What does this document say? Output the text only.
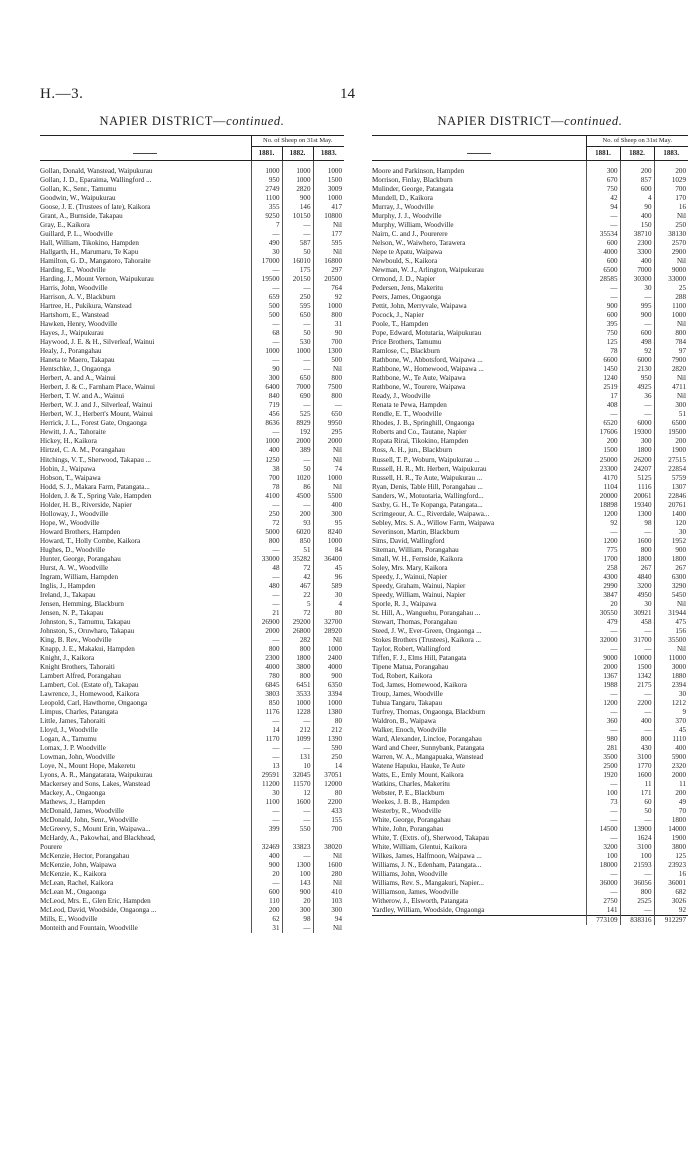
H.—3.	14
NAPIER DISTRICT—continued.
	No. of Sheep on 31st May.		
	1881.	1882.	1883.

Gollan, Donald, Wanstead, Waipukurau	1000	1000	1000
Gollan, J. D., Eparaima, Wallingford ...	950	1000	1500
Gollan, K., Senr., Tamumu	2749	2820	3009
Goodwin, W., Waipukurau	1100	900	1000
Goose, J. E. (Trustees of late), Kaikora	355	146	417
Grant, A., Burnside, Takapau	9250	10150	10800
Gray, E., Kaikora	7	—	Nil
Guillard, P. L., Woodville	—	—	177
Hall, William, Tikokino, Hampden	490	587	595
Hallgarth, H., Marumaru, Te Kapu	30	50	Nil
Hamilton, G. D., Mangatoro, Tahoraite	17000	16010	16800
Harding, E., Woodville	—	175	297
Harding, J., Mount Vernon, Waipukurau	19500	20150	20500
Harris, John, Woodville	—	—	764
Harrison, A. V., Blackburn	659	250	92
Hartree, H., Pukikura, Wanstead	500	595	1000
Hartshorn, E., Wanstead	500	650	800
Hawken, Henry, Woodville	—	—	31
Hayes, J., Waipukurau	68	50	90
Haywood, J. E. & H., Silverleaf, Wainui	—	530	700
Healy, J., Porangahau	1000	1000	1300
Haneta te Maero, Takapau	—	—	500
Hentschke, J., Ongaonga	90	—	Nil
Herbert, A. and A., Wainui	300	650	800
Herbert, J. & C., Farnham Place, Wainui	6400	7000	7500
Herbert, T. W. and A., Wainui	840	690	800
Herbert, W. J. and J., Silverleaf, Wainui	719	—	—
Herbert, W. J., Herbert's Mount, Wainui	456	525	650
Herrick, J. L., Forest Gate, Ongaonga	8636	8929	9950
Hewitt, J. A., Tahoraite	—	192	295
Hickey, H., Kaikora	1000	2000	2000
Hirtzel, C. A. M., Porangahau	400	389	Nil
Hitchings, V. T., Sherwood, Takapau ...	1250	—	Nil
Hobin, J., Waipawa	38	50	74
Hobson, T., Waipawa	700	1020	1000
Hodd, S. J., Makara Farm, Patangata...	78	86	Nil
Holden, J. & T., Spring Vale, Hampden	4100	4500	5500
Holder, H. B., Riverside, Napier	—	—	400
Holloway, J., Woodville	250	200	300
Hope, W., Woodville	72	93	95
Howard Brothers, Hampden	5000	6020	8240
Howard, T., Holly Combe, Kaikora	800	850	1000
Hughes, D., Woodville	—	51	84
Hunter, George, Porangahau	33000	35282	36400
Hurst, A. W., Woodville	48	72	45
Ingram, William, Hampden	—	42	96
Inglis, J., Hampden	480	467	589
Ireland, J., Takapau	—	22	30
Jensen, Hemming, Blackburn	—	5	4
Jensen, N. P., Takapau	21	72	80
Johnston, S., Tamumu, Takapau	26900	29200	32700
Johnston, S., Oruwharo, Takapau	2000	26800	28920
King, B. Rev., Woodville	—	282	Nil
Knapp, J. E., Makakui, Hampden	800	800	1000
Knight, J., Kaikora	2300	1800	2400
Knight Brothers, Tahoraiti	4000	3800	4000
Lambert Alfred, Porangahau	780	800	900
Lambert, Col. (Estate of), Takapau	6845	6451	6350
Lawrence, J., Homewood, Kaikora	3803	3533	3394
Leopold, Carl, Hawthorne, Ongaonga	850	1000	1000
Limpus, Charles, Patangata	1176	1228	1380
Little, James, Tahoraiti	—	—	80
Lloyd, J., Woodville	14	212	212
Logan, A., Tamumu	1170	1099	1390
Lomax, J. P. Woodville	—	—	590
Lowman, John, Woodville	—	131	250
Loye, N., Mount Hope, Makeretu	13	10	14
Lyons, A. R., Mangatarata, Waipukurau	29591	32045	37051
Mackersey and Sons, Lakes, Wanstead	11200	11570	12000
Mackey, A., Ongaonga	30	12	80
Mathews, J., Hampden	1100	1600	2200
McDonald, James, Woodville	—	—	433
McDonald, John, Senr., Woodville	—	—	155
McGreevy, S., Mount Erin, Waipawa...	399	550	700
McHardy, A., Pakowhai, and Blackhead,			
Pourere	32469	33823	38020
McKenzie, Hector, Porangahau	400	—	Nil
McKenzie, John, Waipawa	900	1300	1600
McKenzie, K., Kaikora	20	100	280
McLean, Rachel, Kaikora	—	143	Nil
McLean M., Ongaonga	600	900	410
McLeod, Mrs. E., Glen Eric, Hampden	110	20	103
McLeod, David, Woodside, Ongaonga ...	200	300	300
Mills, E., Woodville	62	98	94
Monteith and Fountain, Woodville	31	—	Nil
NAPIER DISTRICT—continued.
	No. of Sheep on 31st May.		
	1881.	1882.	1883.

Moore and Parkinson, Hampden	300	200	200
Morrison, Finlay, Blackburn	670	857	1029
Mulinder, George, Patangata	750	600	700
Mundell, D., Kaikora	42	4	170
Murray, J., Woodville	94	90	16
Murphy, J. J., Woodville	—	400	Nil
Murphy, William, Woodville	—	150	250
Nairn, C. and J., Pourerere	35534	38710	38130
Nelson, W., Waiwhero, Tarawera	600	2300	2570
Nepe te Apatu, Waipawa	4000	3300	2900
Newbould, S., Kaikora	600	400	Nil
Newman, W. J., Arlington, Waipukurau	6500	7000	9000
Ormond, J. D., Napier	28585	30300	33000
Pedersen, Jens, Makeritu	—	30	25
Peers, James, Ongaonga	—	—	288
Pettit, John, Merryvale, Waipawa	900	995	1100
Pocock, J., Napier	600	900	1000
Poole, T., Hampden	395	—	Nil
Pope, Edward, Motutaria, Waipukurau	750	600	800
Price Brothers, Tamumu	125	498	784
Ramlose, C., Blackburn	78	92	97
Rathbone, W., Abbotsford, Waipawa ...	6600	6000	7900
Rathbone, W., Homewood, Waipawa ...	1450	2130	2820
Rathbone, W., Te Aute, Waipawa	1240	950	Nil
Rathbone, W., Tourere, Waipawa	2519	4925	4711
Ready, J., Woodville	17	36	Nil
Renata te Pewa, Hampden	408	—	300
Rendle, E. T., Woodville	—	—	51
Rhodes, J. B., Springhill, Ongaonga	6520	6000	6500
Roberts and Co., Tautane, Napier	17606	19300	19500
Ropata Rirai, Tikokino, Hampden	200	300	200
Ross, A. H., jun., Blackburn	1500	1800	1900
Russell, T. P., Woburn, Waipukurau ...	25000	26200	27515
Russell, H. R., Mt. Herbert, Waipukurau	23300	24207	22854
Russell, H. R., Te Aute, Waipukurau ...	4170	5125	5759
Ryan, Denis, Table Hill, Porangahau ...	1104	1116	1307
Sanders, W., Motuotaria, Wallingford...	20000	20061	22846
Saxby, G. H., Te Kopanga, Patangata...	18898	19340	20761
Scrimgeour, A. C., Riverdale, Waipawa...	1200	1300	1400
Sebley, Mrs. S. A., Willow Farm, Waipawa	92	98	120
Severinson, Martin, Blackburn	—	—	30
Sims, David, Wallingford	1200	1600	1952
Siteman, William, Porangahau	775	800	900
Small, W. H., Fernside, Kaikora	1700	1800	1800
Soley, Mrs. Mary, Kaikora	258	267	267
Speedy, J., Wainui, Napier	4300	4840	6300
Speedy, Graham, Wainui, Napier	2990	3200	3290
Speedy, William, Wainui, Napier	3847	4950	5450
Sporle, R. J., Waipawa	20	30	Nil
St. Hill, A., Wanguehu, Porangahau ...	30550	30921	31944
Stewart, Thomas, Porangahau	479	458	475
Steed, J. W., Ever-Green, Ongaonga ...	—	—	156
Stokes Brothers (Trustees), Kaikora ...	32000	31700	35500
Taylor, Robert, Wallingford	—	—	Nil
Tiffen, F. J., Elms Hill, Patangata	9000	10000	11000
Tipene Matua, Porangahau	2000	1500	3000
Tod, Robert, Kaikora	1367	1342	1880
Tod, James, Homewood, Kaikora	1988	2175	2394
Troup, James, Woodville	—	—	30
Tuhua Tangaru, Takapau	1200	2200	1212
Turfrey, Thomas, Ongaonga, Blackburn	—	—	9
Waldron, B., Waipawa	360	400	370
Walker, Enoch, Woodville	—	—	45
Ward, Alexander, Lincloe, Porangahau	980	800	1110
Ward and Cheer, Sunnybank, Patangata	281	430	400
Warren, W. A., Mangapuaka, Wanstead	3500	3100	5900
Watene Hapuku, Hauke, Te Aute	2500	1770	2320
Watts, E., Emly Mount, Kaikora	1920	1600	2000
Watkins, Charles, Makeritu	—	11	11
Webster, P. E., Blackburn	100	171	200
Weekes, J. B. B., Hampden	73	60	49
Westerby, R., Woodville	—	50	70
White, George, Porangahau	—	—	1800
White, John, Porangahau	14500	13900	14000
White, T. (Extrs. of), Sherwood, Takapau	—	1624	1900
White, William, Glentui, Kaikora	3200	3100	3800
Wilkes, James, Halfmoon, Waipawa ...	100	100	125
Williams, J. N., Edenham, Patangata...	18000	21593	23923
Williams, John, Woodville	—	—	16
Williams, Rev. S., Mangakuri, Napier...	36000	36056	36001
Williamson, James, Woodville	—	800	682
Witherow, J., Elsworth, Patangata	2750	2525	3026
Yardley, William, Woodside, Ongaonga	141	—	92
	773109	838316	912297
